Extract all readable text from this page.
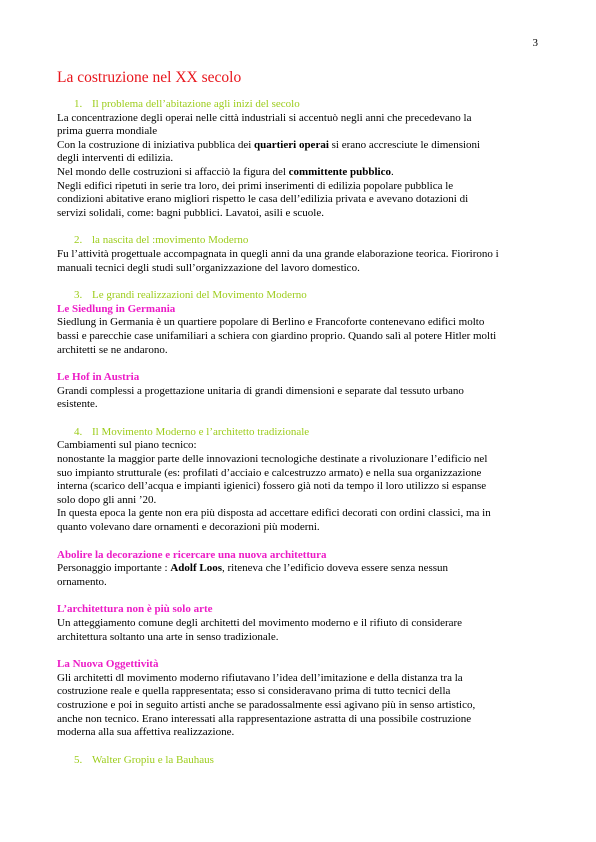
3
La costruzione nel XX secolo

1. Il problema dell’abitazione agli inizi del secolo

La concentrazione degli operai nelle città industriali si accentuò negli anni che precedevano la

prima guerra mondiale

Con la costruzione di iniziativa pubblica dei quartieri operai si erano accresciute le dimensioni

degli interventi di edilizia.

Nel mondo delle costruzioni si affacciò la figura del committente pubblico.

Negli edifici ripetuti in serie tra loro, dei primi inserimenti di edilizia popolare pubblica le

condizioni abitative erano migliori rispetto le casa dell’edilizia privata e avevano dotazioni di

servizi solidali, come: bagni pubblici. Lavatoi, asili e scuole.

2. la nascita del :movimento Moderno

Fu l’attività progettuale accompagnata in quegli anni da una grande elaborazione teorica. Fiorirono i

manuali tecnici degli studi sull’organizzazione del lavoro domestico.

3. Le grandi realizzazioni del Movimento Moderno

Le Siedlung in Germania

Siedlung in Germania è un quartiere popolare di Berlino e Francoforte contenevano edifici molto

bassi e parecchie case unifamiliari a schiera con giardino proprio. Quando salì al potere Hitler molti

architetti se ne andarono.

Le Hof in Austria

Grandi complessi a progettazione unitaria di grandi dimensioni e separate dal tessuto urbano

esistente.

4. Il Movimento Moderno e l’architetto tradizionale

Cambiamenti sul piano tecnico:

nonostante la maggior parte delle innovazioni tecnologiche destinate a rivoluzionare l’edificio nel

suo impianto strutturale (es: profilati d’acciaio e calcestruzzo armato) e nella sua organizzazione

interna (scarico dell’acqua e impianti igienici) fossero già noti da tempo il loro utilizzo si espanse

solo dopo gli anni ’20.

In questa epoca la gente non era più disposta ad accettare edifici decorati con ordini classici, ma in

quanto volevano dare ornamenti e decorazioni più moderni.

Abolire la decorazione e ricercare una nuova architettura

Personaggio importante : Adolf Loos, riteneva che l’edificio doveva essere senza nessun

ornamento.

L’architettura non è più solo arte

Un atteggiamento comune degli architetti del movimento moderno e il rifiuto di considerare

architettura soltanto una arte in senso tradizionale.

La Nuova Oggettività

Gli architetti dl movimento moderno rifiutavano l’idea dell’imitazione e della distanza tra la

costruzione reale e quella rappresentata; esso si consideravano prima di tutto tecnici della

costruzione e poi in seguito artisti anche se paradossalmente essi agivano più in senso artistico,

anche non tecnico. Erano interessati alla rappresentazione astratta di una possibile costruzione

moderna alla sua affettiva realizzazione.

5. Walter Gropiu e la Bauhaus
